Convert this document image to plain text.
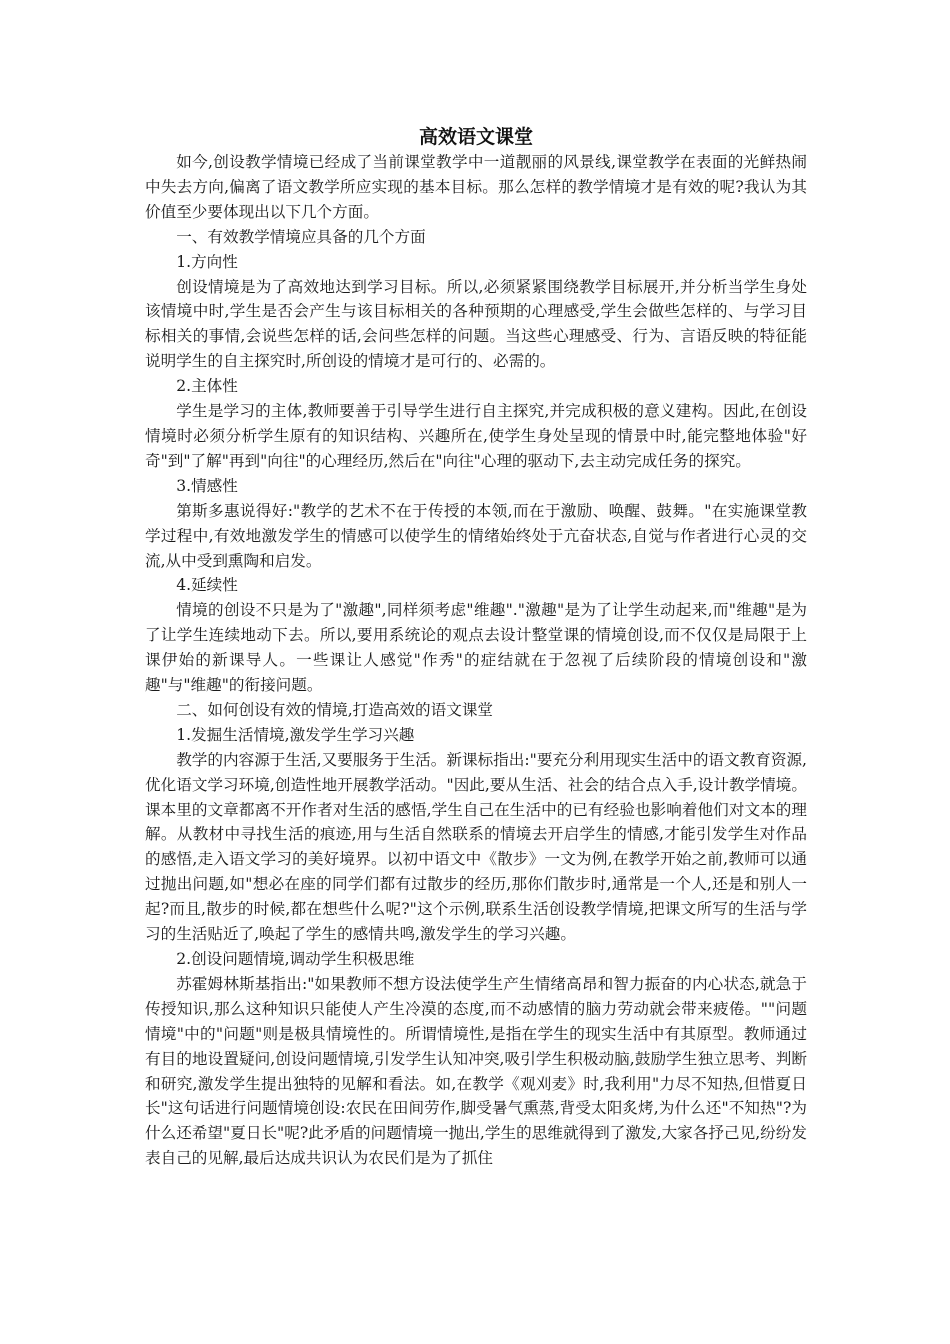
高效语文课堂

如今,创设教学情境已经成了当前课堂教学中一道靓丽的风景线,课堂教学在表面的光鲜热闹中失去方向,偏离了语文教学所应实现的基本目标。那么怎样的教学情境才是有效的呢?我认为其价值至少要体现出以下几个方面。

一、有效教学情境应具备的几个方面

1.方向性

创设情境是为了高效地达到学习目标。所以,必须紧紧围绕教学目标展开,并分析当学生身处该情境中时,学生是否会产生与该目标相关的各种预期的心理感受,学生会做些怎样的、与学习目标相关的事情,会说些怎样的话,会问些怎样的问题。当这些心理感受、行为、言语反映的特征能说明学生的自主探究时,所创设的情境才是可行的、必需的。

2.主体性

学生是学习的主体,教师要善于引导学生进行自主探究,并完成积极的意义建构。因此,在创设情境时必须分析学生原有的知识结构、兴趣所在,使学生身处呈现的情景中时,能完整地体验"好奇"到"了解"再到"向往"的心理经历,然后在"向往"心理的驱动下,去主动完成任务的探究。

3.情感性

第斯多惠说得好:"教学的艺术不在于传授的本领,而在于激励、唤醒、鼓舞。"在实施课堂教学过程中,有效地激发学生的情感可以使学生的情绪始终处于亢奋状态,自觉与作者进行心灵的交流,从中受到熏陶和启发。

4.延续性

情境的创设不只是为了"激趣",同样须考虑"维趣"."激趣"是为了让学生动起来,而"维趣"是为了让学生连续地动下去。所以,要用系统论的观点去设计整堂课的情境创设,而不仅仅是局限于上课伊始的新课导人。一些课让人感觉"作秀"的症结就在于忽视了后续阶段的情境创设和"激趣"与"维趣"的衔接问题。

二、如何创设有效的情境,打造高效的语文课堂

1.发掘生活情境,激发学生学习兴趣

教学的内容源于生活,又要服务于生活。新课标指出:"要充分利用现实生活中的语文教育资源,优化语文学习环境,创造性地开展教学活动。"因此,要从生活、社会的结合点入手,设计教学情境。课本里的文章都离不开作者对生活的感悟,学生自己在生活中的已有经验也影响着他们对文本的理解。从教材中寻找生活的痕迹,用与生活自然联系的情境去开启学生的情感,才能引发学生对作品的感悟,走入语文学习的美好境界。以初中语文中《散步》一文为例,在教学开始之前,教师可以通过抛出问题,如"想必在座的同学们都有过散步的经历,那你们散步时,通常是一个人,还是和别人一起?而且,散步的时候,都在想些什么呢?"这个示例,联系生活创设教学情境,把课文所写的生活与学习的生活贴近了,唤起了学生的感情共鸣,激发学生的学习兴趣。

2.创设问题情境,调动学生积极思维

苏霍姆林斯基指出:"如果教师不想方设法使学生产生情绪高昂和智力振奋的内心状态,就急于传授知识,那么这种知识只能使人产生冷漠的态度,而不动感情的脑力劳动就会带来疲倦。""问题情境"中的"问题"则是极具情境性的。所谓情境性,是指在学生的现实生活中有其原型。教师通过有目的地设置疑问,创设问题情境,引发学生认知冲突,吸引学生积极动脑,鼓励学生独立思考、判断和研究,激发学生提出独特的见解和看法。如,在教学《观刈麦》时,我利用"力尽不知热,但惜夏日长"这句话进行问题情境创设:农民在田间劳作,脚受暑气熏蒸,背受太阳炙烤,为什么还"不知热"?为什么还希望"夏日长"呢?此矛盾的问题情境一抛出,学生的思维就得到了激发,大家各抒己见,纷纷发表自己的见解,最后达成共识认为农民们是为了抓住
